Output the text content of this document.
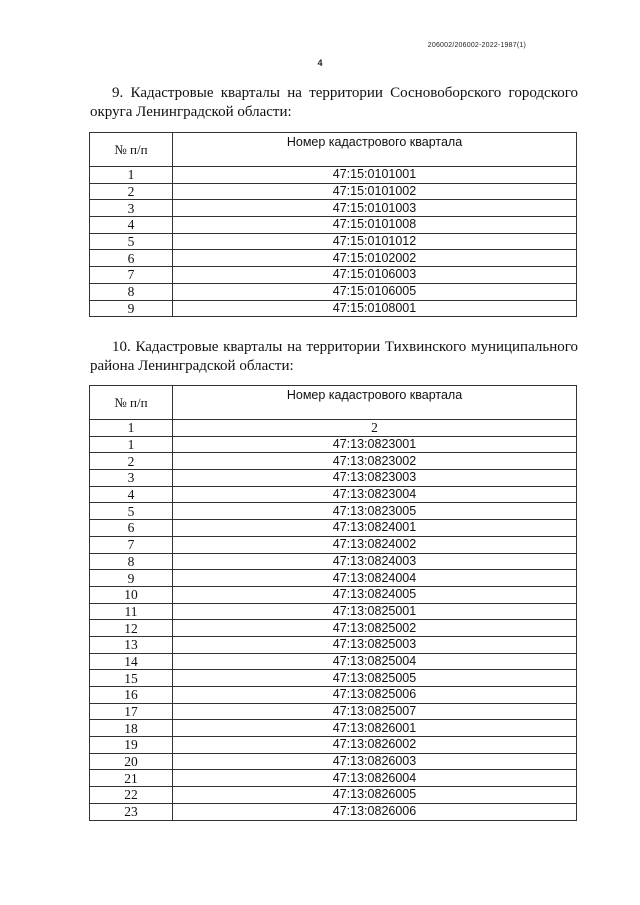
206002/206002-2022-1987(1)
4
9. Кадастровые кварталы на территории Сосновоборского городского округа Ленинградской области:
№ п/п	Номер кадастрового квартала
1	47:15:0101001
2	47:15:0101002
3	47:15:0101003
4	47:15:0101008
5	47:15:0101012
6	47:15:0102002
7	47:15:0106003
8	47:15:0106005
9	47:15:0108001
10. Кадастровые кварталы на территории Тихвинского муниципального района Ленинградской области:
№ п/п	Номер кадастрового квартала
1	2
1	47:13:0823001
2	47:13:0823002
3	47:13:0823003
4	47:13:0823004
5	47:13:0823005
6	47:13:0824001
7	47:13:0824002
8	47:13:0824003
9	47:13:0824004
10	47:13:0824005
11	47:13:0825001
12	47:13:0825002
13	47:13:0825003
14	47:13:0825004
15	47:13:0825005
16	47:13:0825006
17	47:13:0825007
18	47:13:0826001
19	47:13:0826002
20	47:13:0826003
21	47:13:0826004
22	47:13:0826005
23	47:13:0826006
